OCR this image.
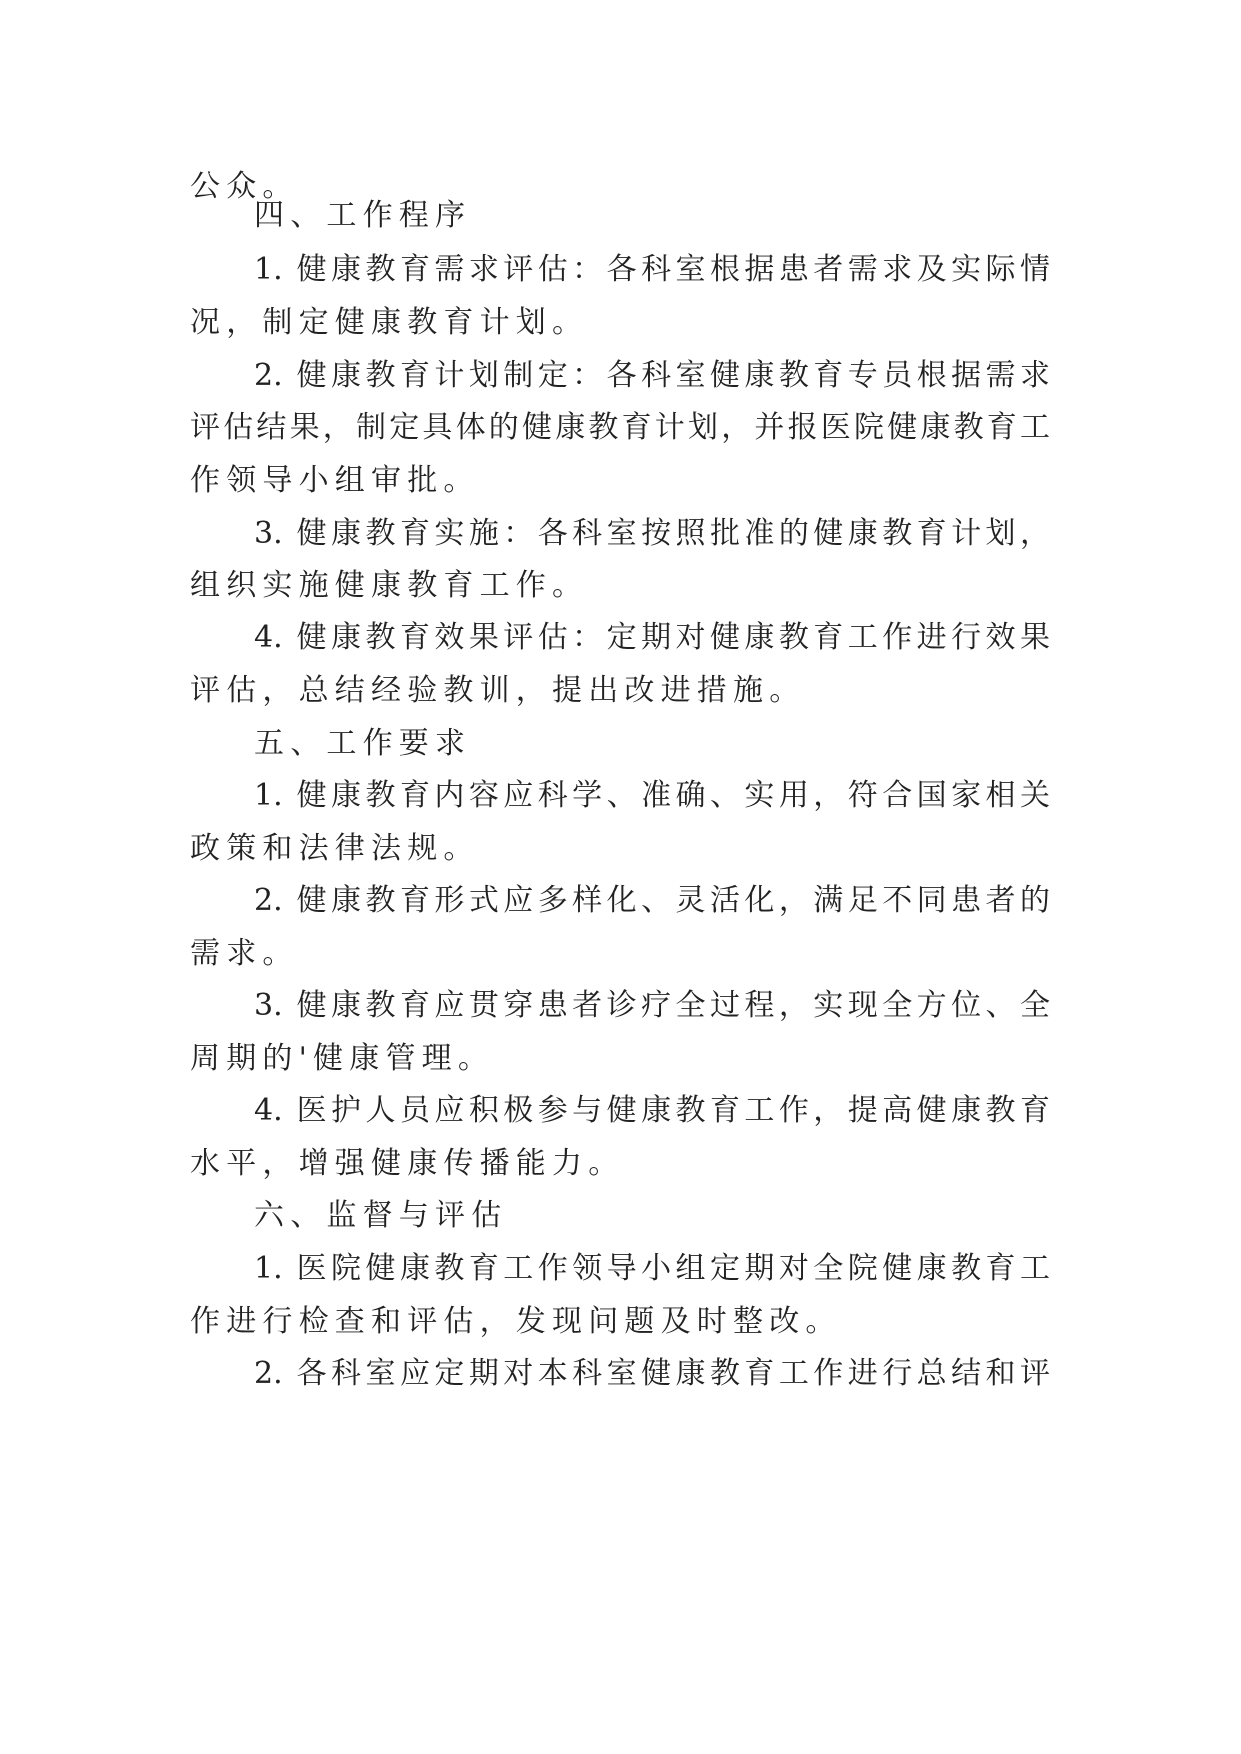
公众。
四、工作程序
1. 健康教育需求评估：各科室根据患者需求及实际情
况，制定健康教育计划。
2. 健康教育计划制定：各科室健康教育专员根据需求
评估结果，制定具体的健康教育计划，并报医院健康教育工
作领导小组审批。
3. 健康教育实施：各科室按照批准的健康教育计划，
组织实施健康教育工作。
4. 健康教育效果评估：定期对健康教育工作进行效果
评估，总结经验教训，提出改进措施。
五、工作要求
1. 健康教育内容应科学、准确、实用，符合国家相关
政策和法律法规。
2. 健康教育形式应多样化、灵活化，满足不同患者的
需求。
3. 健康教育应贯穿患者诊疗全过程，实现全方位、全
周期的'健康管理。
4. 医护人员应积极参与健康教育工作，提高健康教育
水平，增强健康传播能力。
六、监督与评估
1. 医院健康教育工作领导小组定期对全院健康教育工
作进行检查和评估，发现问题及时整改。
2. 各科室应定期对本科室健康教育工作进行总结和评
